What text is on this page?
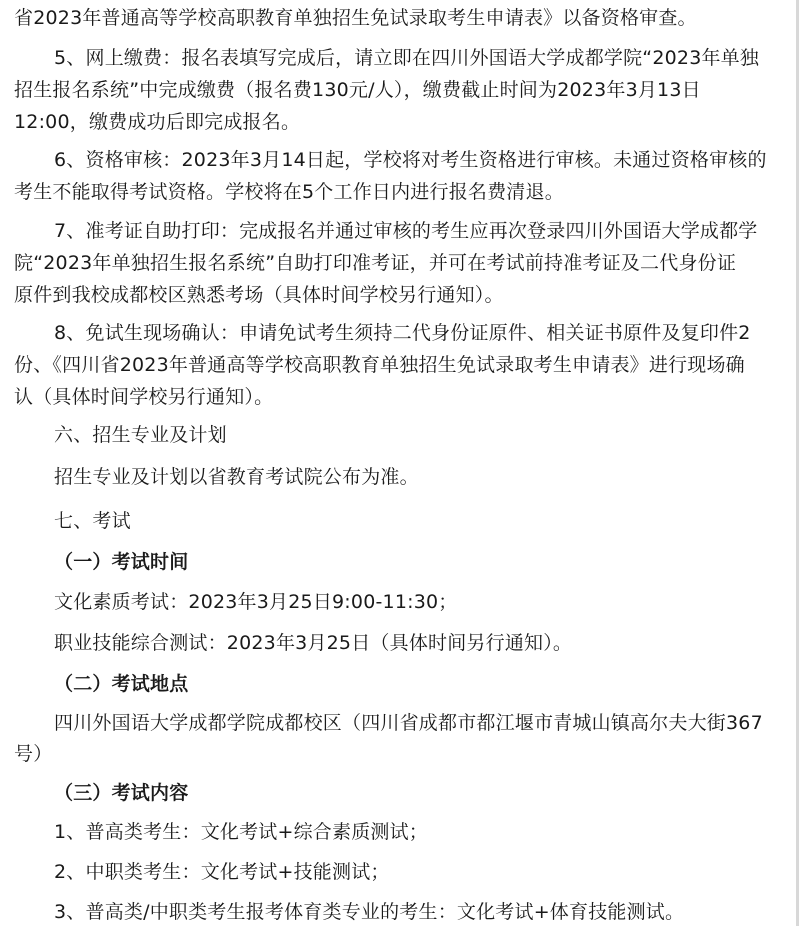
省2023年普通高等学校高职教育单独招生免试录取考生申请表》以备资格审查。
5、网上缴费：报名表填写完成后，请立即在四川外国语大学成都学院“2023年单独
招生报名系统”中完成缴费（报名费130元/人），缴费截止时间为2023年3月13日
12:00，缴费成功后即完成报名。
6、资格审核：2023年3月14日起，学校将对考生资格进行审核。未通过资格审核的
考生不能取得考试资格。学校将在5个工作日内进行报名费清退。
7、准考证自助打印：完成报名并通过审核的考生应再次登录四川外国语大学成都学
院“2023年单独招生报名系统”自助打印准考证，并可在考试前持准考证及二代身份证
原件到我校成都校区熟悉考场（具体时间学校另行通知）。
8、免试生现场确认：申请免试考生须持二代身份证原件、相关证书原件及复印件2
份、《四川省2023年普通高等学校高职教育单独招生免试录取考生申请表》进行现场确
认（具体时间学校另行通知）。
六、招生专业及计划
招生专业及计划以省教育考试院公布为准。
七、考试
（一）考试时间
文化素质考试：2023年3月25日9:00-11:30；
职业技能综合测试：2023年3月25日（具体时间另行通知）。
（二）考试地点
四川外国语大学成都学院成都校区（四川省成都市都江堰市青城山镇高尔夫大街367
号）
（三）考试内容
1、普高类考生：文化考试+综合素质测试；
2、中职类考生：文化考试+技能测试；
3、普高类/中职类考生报考体育类专业的考生：文化考试+体育技能测试。
